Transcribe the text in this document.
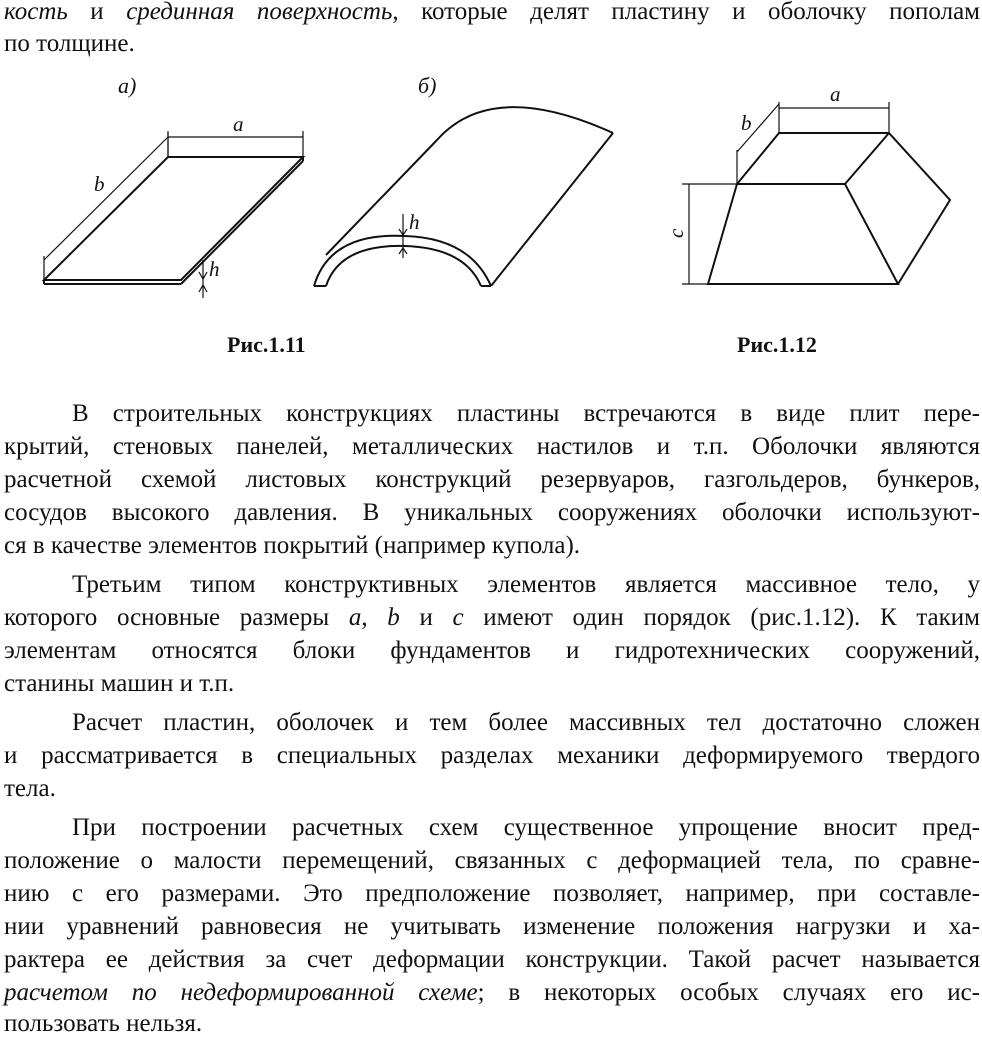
кость и срединная поверхность, которые делят пластину и оболочку пополам
по толщине.
a
b
h
h
a
b
c
а)	б)
Рис.1.11	Рис.1.12
В строительных конструкциях пластины встречаются в виде плит пере-
крытий, стеновых панелей, металлических настилов и т.п. Оболочки являются
расчетной схемой листовых конструкций резервуаров, газгольдеров, бункеров,
сосудов высокого давления. В уникальных сооружениях оболочки используют-
ся в качестве элементов покрытий (например купола).
Третьим типом конструктивных элементов является массивное тело, у
которого основные размеры a, b и c имеют один порядок (рис.1.12). К таким
элементам относятся блоки фундаментов и гидротехнических сооружений,
станины машин и т.п.
Расчет пластин, оболочек и тем более массивных тел достаточно сложен
и рассматривается в специальных разделах механики деформируемого твердого
тела.
При построении расчетных схем существенное упрощение вносит пред-
положение о малости перемещений, связанных с деформацией тела, по сравне-
нию с его размерами. Это предположение позволяет, например, при составле-
нии уравнений равновесия не учитывать изменение положения нагрузки и ха-
рактера ее действия за счет деформации конструкции. Такой расчет называется
расчетом по недеформированной схеме; в некоторых особых случаях его ис-
пользовать нельзя.
